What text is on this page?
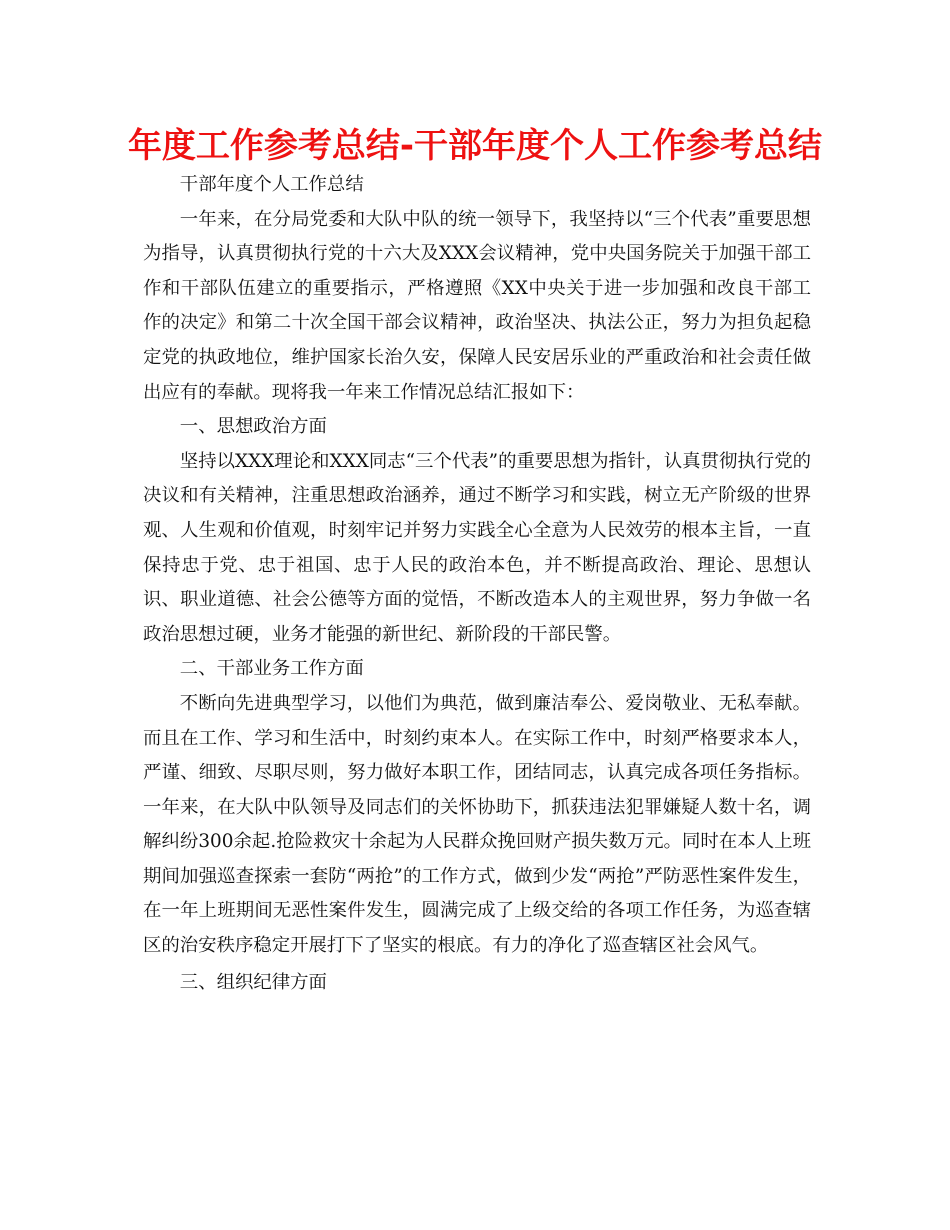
年度工作参考总结-干部年度个人工作参考总结

干部年度个人工作总结

一年来，在分局党委和大队中队的统一领导下，我坚持以“三个代表”重要思想为指导，认真贯彻执行党的十六大及XXX会议精神，党中央国务院关于加强干部工作和干部队伍建立的重要指示，严格遵照《XX中央关于进一步加强和改良干部工作的决定》和第二十次全国干部会议精神，政治坚决、执法公正，努力为担负起稳定党的执政地位，维护国家长治久安，保障人民安居乐业的严重政治和社会责任做出应有的奉献。现将我一年来工作情况总结汇报如下：

一、思想政治方面

坚持以XXX理论和XXX同志“三个代表”的重要思想为指针，认真贯彻执行党的决议和有关精神，注重思想政治涵养，通过不断学习和实践，树立无产阶级的世界观、人生观和价值观，时刻牢记并努力实践全心全意为人民效劳的根本主旨，一直保持忠于党、忠于祖国、忠于人民的政治本色，并不断提高政治、理论、思想认识、职业道德、社会公德等方面的觉悟，不断改造本人的主观世界，努力争做一名政治思想过硬，业务才能强的新世纪、新阶段的干部民警。

二、干部业务工作方面

不断向先进典型学习，以他们为典范，做到廉洁奉公、爱岗敬业、无私奉献。而且在工作、学习和生活中，时刻约束本人。在实际工作中，时刻严格要求本人，严谨、细致、尽职尽则，努力做好本职工作，团结同志，认真完成各项任务指标。一年来，在大队中队领导及同志们的关怀协助下，抓获违法犯罪嫌疑人数十名，调解纠纷300余起.抢险救灾十余起为人民群众挽回财产损失数万元。同时在本人上班期间加强巡查探索一套防“两抢”的工作方式，做到少发“两抢”严防恶性案件发生，在一年上班期间无恶性案件发生，圆满完成了上级交给的各项工作任务，为巡查辖区的治安秩序稳定开展打下了坚实的根底。有力的净化了巡查辖区社会风气。

三、组织纪律方面
